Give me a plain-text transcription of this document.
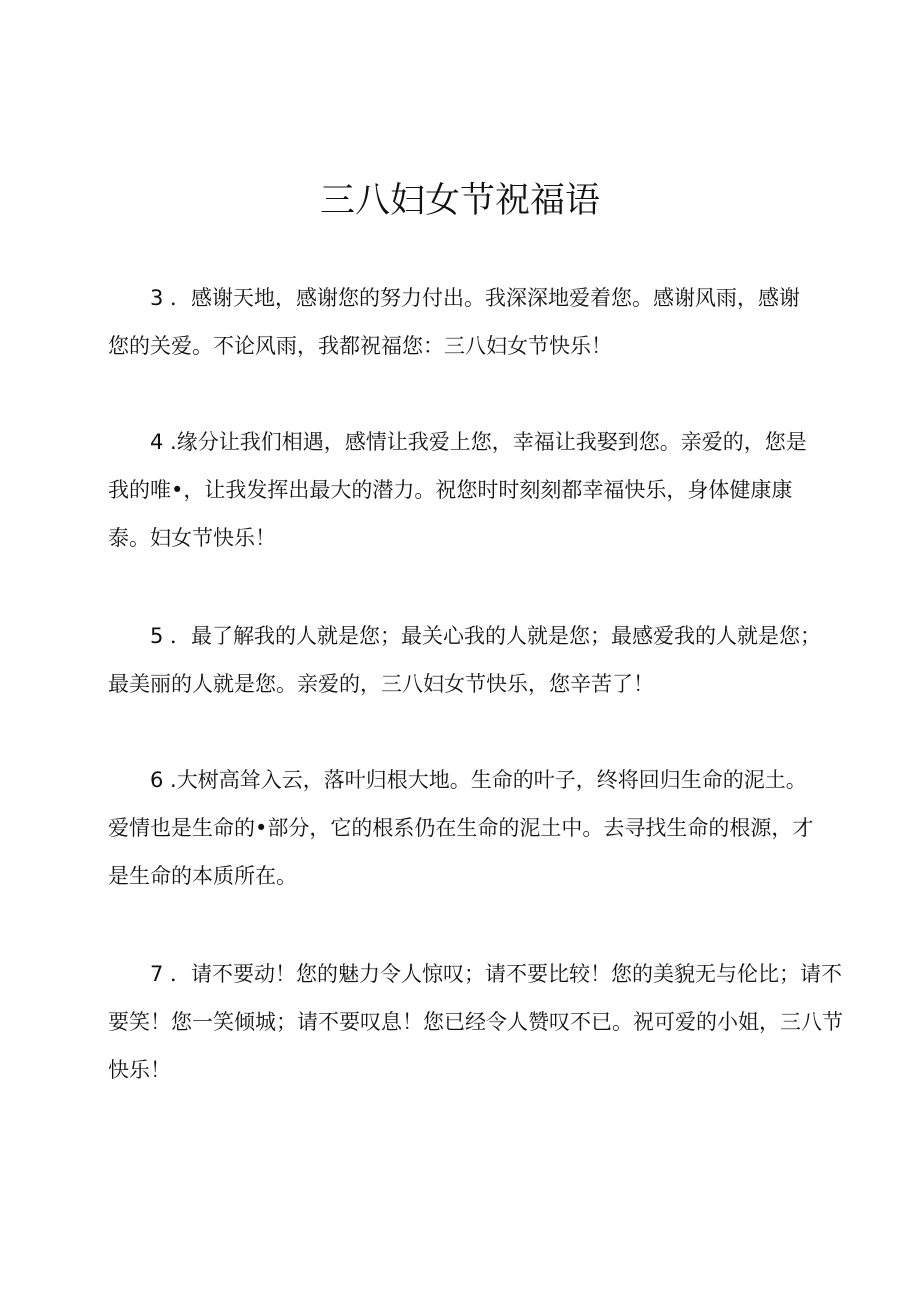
三八妇女节祝福语

3 ．感谢天地，感谢您的努力付出。我深深地爱着您。感谢风雨，感谢
您的关爱。不论风雨，我都祝福您：三八妇女节快乐！

4 .缘分让我们相遇，感情让我爱上您，幸福让我娶到您。亲爱的，您是
我的唯•，让我发挥出最大的潜力。祝您时时刻刻都幸福快乐，身体健康康
泰。妇女节快乐！

5 ．最了解我的人就是您；最关心我的人就是您；最感爱我的人就是您；
最美丽的人就是您。亲爱的，三八妇女节快乐，您辛苦了！

6 .大树高耸入云，落叶归根大地。生命的叶子，终将回归生命的泥土。
爱情也是生命的•部分，它的根系仍在生命的泥土中。去寻找生命的根源，才
是生命的本质所在。

7 ．请不要动！您的魅力令人惊叹；请不要比较！您的美貌无与伦比；请不
要笑！您一笑倾城；请不要叹息！您已经令人赞叹不已。祝可爱的小姐，三八节
快乐！
